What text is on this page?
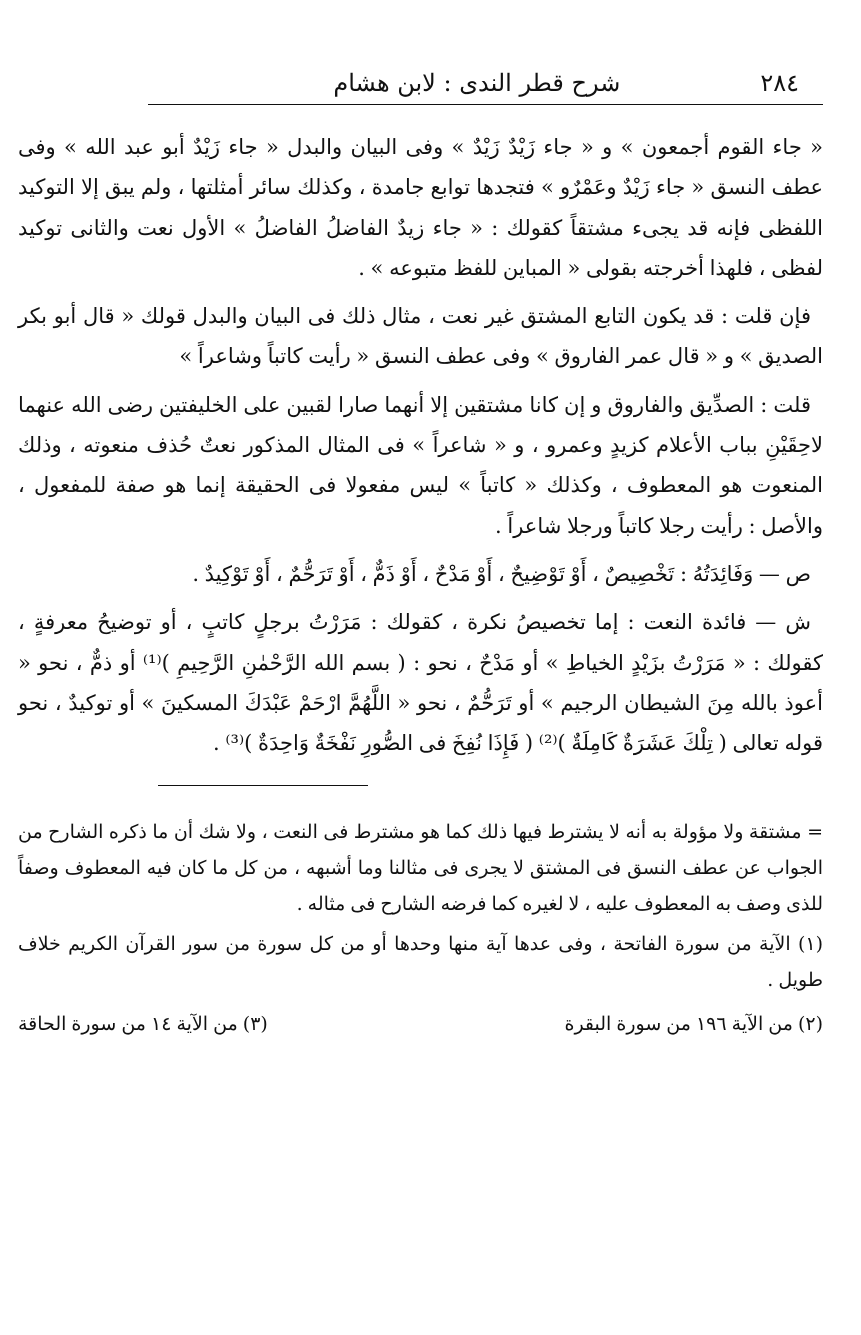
٢٨٤
شرح قطر الندى : لابن هشام

« جاء القوم أجمعون » و « جاء زَيْدٌ زَيْدٌ » وفى البيان والبدل « جاء زَيْدٌ أبو عبد الله » وفى عطف النسق « جاء زَيْدٌ وعَمْرٌو » فتجدها توابع جامدة ، وكذلك سائر أمثلتها ، ولم يبق إلا التوكيد اللفظى فإنه قد يجىء مشتقاً كقولك : « جاء زيدٌ الفاضلُ الفاضلُ » الأول نعت والثانى توكيد لفظى ، فلهذا أخرجته بقولى « المباين للفظ متبوعه » .

فإن قلت : قد يكون التابع المشتق غير نعت ، مثال ذلك فى البيان والبدل قولك « قال أبو بكر الصديق » و « قال عمر الفاروق » وفى عطف النسق « رأيت كاتباً وشاعراً »

قلت : الصدِّيق والفاروق و إن كانا مشتقين إلا أنهما صارا لقبين على الخليفتين رضى الله عنهما لاحِقَيْنِ بباب الأعلام كزيدٍ وعمرو ، و « شاعراً » فى المثال المذكور نعتٌ حُذف منعوته ، وذلك المنعوت هو المعطوف ، وكذلك « كاتباً » ليس مفعولا فى الحقيقة إنما هو صفة للمفعول ، والأصل : رأيت رجلا كاتباً ورجلا شاعراً .

ص — وَفَائِدَتُهُ : تَخْصِيصٌ ، أَوْ تَوْضِيحٌ ، أَوْ مَدْحٌ ، أَوْ ذَمٌّ ، أَوْ تَرَحُّمٌ ، أَوْ تَوْكِيدٌ .

ش — فائدة النعت : إما تخصيصُ نكرة ، كقولك : مَرَرْتُ برجلٍ كاتبٍ ، أو توضيحُ معرفةٍ ، كقولك : « مَرَرْتُ بزَيْدٍ الخياطِ » أو مَدْحٌ ، نحو : ( بسم الله الرَّحْمٰنِ الرَّحِيمِ )⁽¹⁾ أو ذمٌّ ، نحو « أعوذ بالله مِنَ الشيطان الرجيم » أو تَرَحُّمٌ ، نحو « اللَّهُمَّ ارْحَمْ عَبْدَكَ المسكينَ » أو توكيدٌ ، نحو قوله تعالى ( تِلْكَ عَشَرَةٌ كَامِلَةٌ )⁽²⁾ ( فَإِذَا نُفِخَ فى الصُّورِ نَفْخَةٌ وَاحِدَةٌ )⁽³⁾ .

= مشتقة ولا مؤولة به أنه لا يشترط فيها ذلك كما هو مشترط فى النعت ، ولا شك أن ما ذكره الشارح من الجواب عن عطف النسق فى المشتق لا يجرى فى مثالنا وما أشبهه ، من كل ما كان فيه المعطوف وصفاً للذى وصف به المعطوف عليه ، لا لغيره كما فرضه الشارح فى مثاله .

(١) الآية من سورة الفاتحة ، وفى عدها آية منها وحدها أو من كل سورة من سور القرآن الكريم خلاف طويل .

(٢) من الآية ١٩٦ من سورة البقرة
(٣) من الآية ١٤ من سورة الحاقة
